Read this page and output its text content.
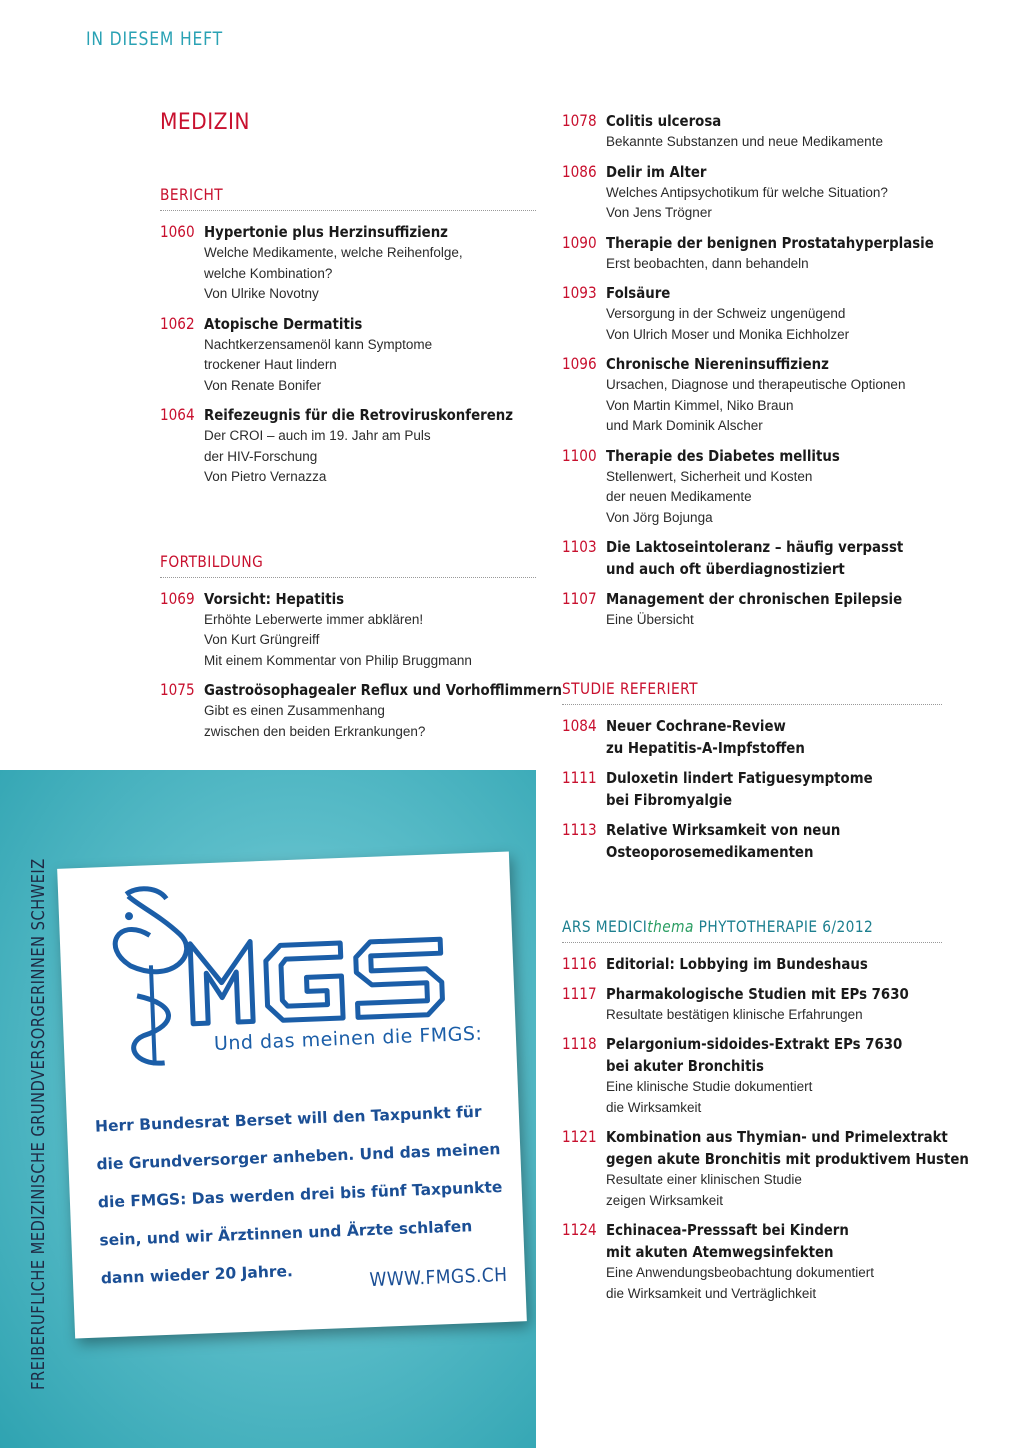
IN DIESEM HEFT
MEDIZIN
BERICHT
1060 Hypertonie plus Herzinsuffizienz
Welche Medikamente, welche Reihenfolge,
welche Kombination?
Von Ulrike Novotny
1062 Atopische Dermatitis
Nachtkerzensamenöl kann Symptome
trockener Haut lindern
Von Renate Bonifer
1064 Reifezeugnis für die Retroviruskonferenz
Der CROI – auch im 19. Jahr am Puls
der HIV-Forschung
Von Pietro Vernazza
FORTBILDUNG
1069 Vorsicht: Hepatitis
Erhöhte Leberwerte immer abklären!
Von Kurt Grüngreiff
Mit einem Kommentar von Philip Bruggmann
1075 Gastroösophagealer Reflux und Vorhofflimmern
Gibt es einen Zusammenhang
zwischen den beiden Erkrankungen?
1078 Colitis ulcerosa
Bekannte Substanzen und neue Medikamente
1086 Delir im Alter
Welches Antipsychotikum für welche Situation?
Von Jens Trögner
1090 Therapie der benignen Prostatahyperplasie
Erst beobachten, dann behandeln
1093 Folsäure
Versorgung in der Schweiz ungenügend
Von Ulrich Moser und Monika Eichholzer
1096 Chronische Niereninsuffizienz
Ursachen, Diagnose und therapeutische Optionen
Von Martin Kimmel, Niko Braun
und Mark Dominik Alscher
1100 Therapie des Diabetes mellitus
Stellenwert, Sicherheit und Kosten
der neuen Medikamente
Von Jörg Bojunga
1103 Die Laktoseintoleranz – häufig verpasst
und auch oft überdiagnostiziert
1107 Management der chronischen Epilepsie
Eine Übersicht
STUDIE REFERIERT
1084 Neuer Cochrane-Review
zu Hepatitis-A-Impfstoffen
1111 Duloxetin lindert Fatiguesymptome
bei Fibromyalgie
1113 Relative Wirksamkeit von neun
Osteoporosemedikamenten
ARS MEDICIthema PHYTOTHERAPIE 6/2012
1116 Editorial: Lobbying im Bundeshaus
1117 Pharmakologische Studien mit EPs 7630
Resultate bestätigen klinische Erfahrungen
1118 Pelargonium-sidoides-Extrakt EPs 7630
bei akuter Bronchitis
Eine klinische Studie dokumentiert
die Wirksamkeit
1121 Kombination aus Thymian- und Primelextrakt
gegen akute Bronchitis mit produktivem Husten
Resultate einer klinischen Studie
zeigen Wirksamkeit
1124 Echinacea-Presssaft bei Kindern
mit akuten Atemwegsinfekten
Eine Anwendungsbeobachtung dokumentiert
die Wirksamkeit und Verträglichkeit
FREIBERUFLICHE MEDIZINISCHE GRUNDVERSORGERINNEN SCHWEIZ	Und das meinen die FMGS:
Herr Bundesrat Berset will den Taxpunkt für
die Grundversorger anheben. Und das meinen
die FMGS: Das werden drei bis fünf Taxpunkte
sein, und wir Ärztinnen und Ärzte schlafen
dann wieder 20 Jahre.	WWW.FMGS.CH
